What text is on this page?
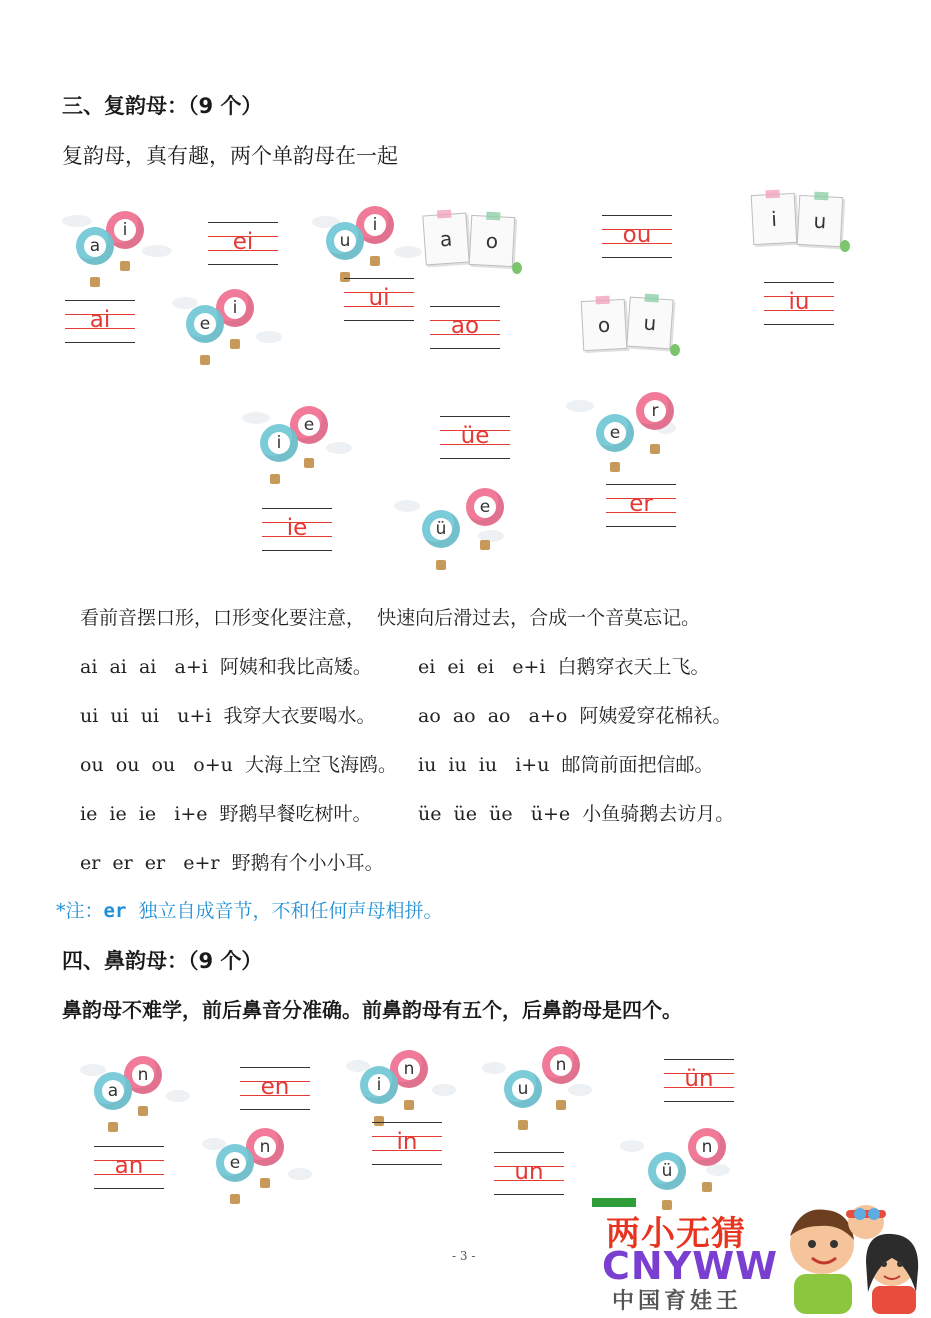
三、复韵母：（9 个）
复韵母，真有趣，两个单韵母在一起
i
a
ai
ei
i
e
i
u
ui
a o
ao
ou
o u
i u
iu
e
i
ie
üe
e
ü
r
e
er
看前音摆口形，口形变化要注意，  快速向后滑过去，合成一个音莫忘记。
ai  ai  ai   a+i  阿姨和我比高矮。 ei  ei  ei   e+i  白鹅穿衣天上飞。
ui  ui  ui   u+i  我穿大衣要喝水。 ao  ao  ao   a+o  阿姨爱穿花棉袄。
ou  ou  ou   o+u  大海上空飞海鸥。 iu  iu  iu   i+u  邮筒前面把信邮。
ie  ie  ie   i+e  野鹅早餐吃树叶。 üe  üe  üe   ü+e  小鱼骑鹅去访月。
er  er  er   e+r  野鹅有个小小耳。
*注：er  独立自成音节，不和任何声母相拼。
四、鼻韵母：（9 个）
鼻韵母不难学，前后鼻音分准确。前鼻韵母有五个，后鼻韵母是四个。
n
a
an
en
n
e
n
i
in
n
u
un
ün
n
ü
- 3 -
两小无猜
CNYWW
中国育娃王
